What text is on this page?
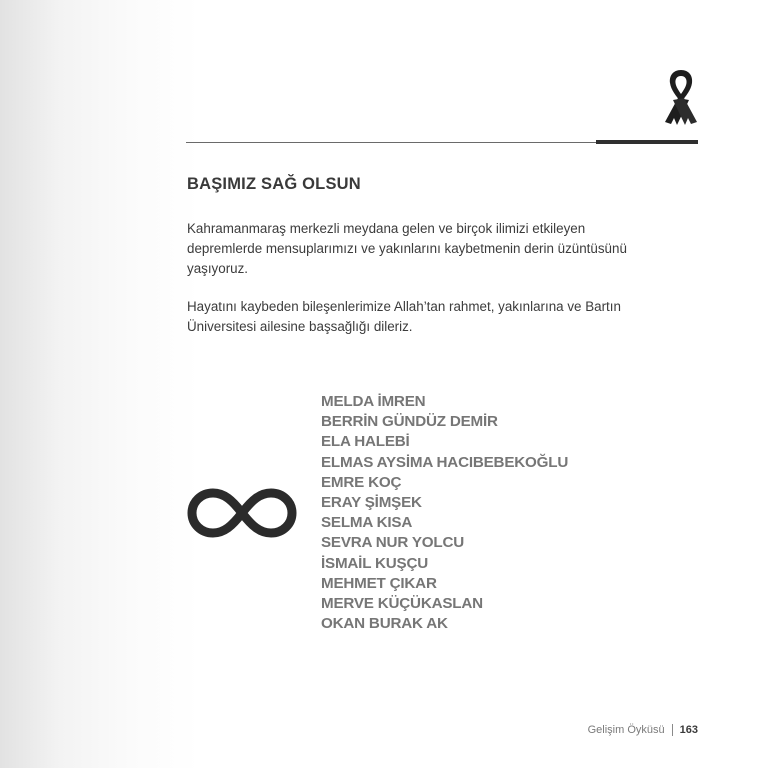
BAŞIMIZ SAĞ OLSUN

Kahramanmaraş merkezli meydana gelen ve birçok ilimizi etkileyen depremlerde mensuplarımızı ve yakınlarını kaybetmenin derin üzüntüsünü yaşıyoruz.

Hayatını kaybeden bileşenlerimize Allah’tan rahmet, yakınlarına ve Bartın Üniversitesi ailesine başsağlığı dileriz.

MELDA İMREN
BERRİN GÜNDÜZ DEMİR
ELA HALEBİ
ELMAS AYSİMA HACIBEBEKOĞLU
EMRE KOÇ
ERAY ŞİMŞEK
SELMA KISA
SEVRA NUR YOLCU
İSMAİL KUŞÇU
MEHMET ÇIKAR
MERVE KÜÇÜKASLAN
OKAN BURAK AK
Gelişim Öyküsü 163
